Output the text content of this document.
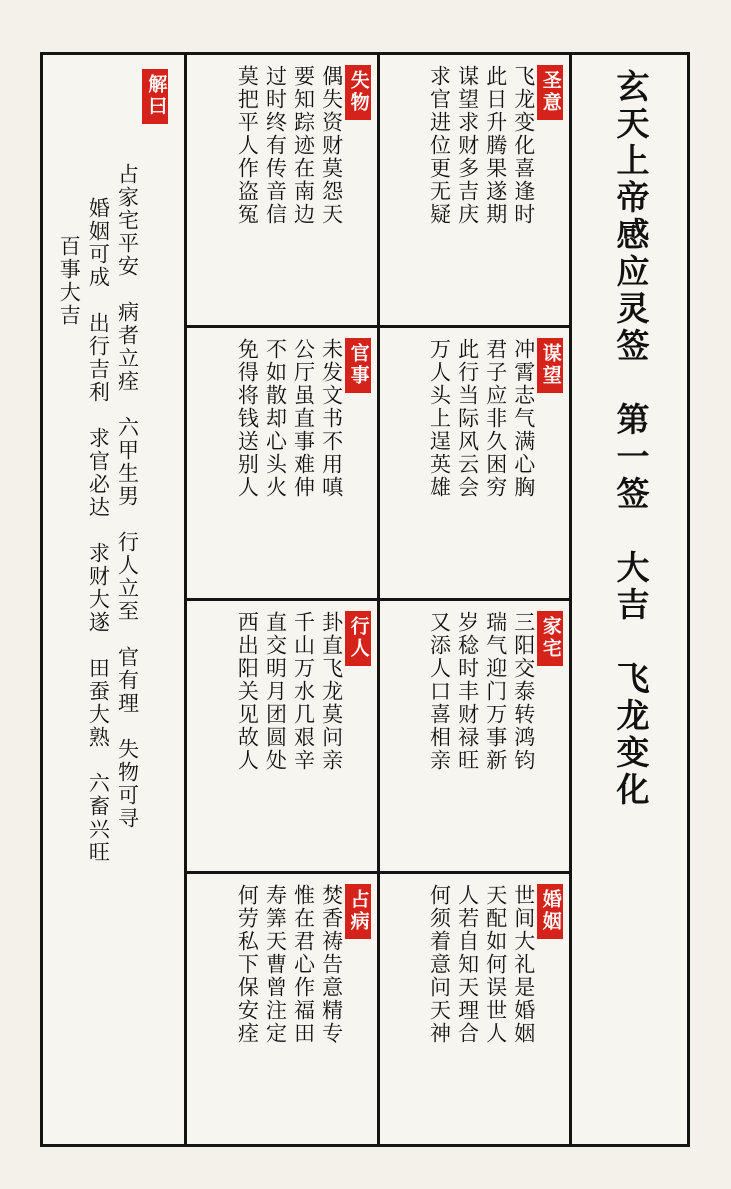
玄天上帝感应灵签　第一签　大吉　飞龙变化
圣意
飞龙变化喜逢时
此日升腾果遂期
谋望求财多吉庆
求官进位更无疑
失物
偶失资财莫怨天
要知踪迹在南边
过时终有传音信
莫把平人作盗冤
谋望
冲霄志气满心胸
君子应非久困穷
此行当际风云会
万人头上逞英雄
官事
未发文书不用嗔
公厅虽直事难伸
不如散却心头火
免得将钱送别人
家宅
三阳交泰转鸿钧
瑞气迎门万事新
岁稔时丰财禄旺
又添人口喜相亲
行人
卦直飞龙莫问亲
千山万水几艰辛
直交明月团圆处
西出阳关见故人
婚姻
世间大礼是婚姻
天配如何误世人
人若自知天理合
何须着意问天神
占病
焚香祷告意精专
惟在君心作福田
寿筭天曹曾注定
何劳私下保安痊
解曰
占家宅平安　病者立痊　六甲生男　行人立至　官有理　失物可寻
婚姻可成　出行吉利　求官必达　求财大遂　田蚕大熟　六畜兴旺
百事大吉
